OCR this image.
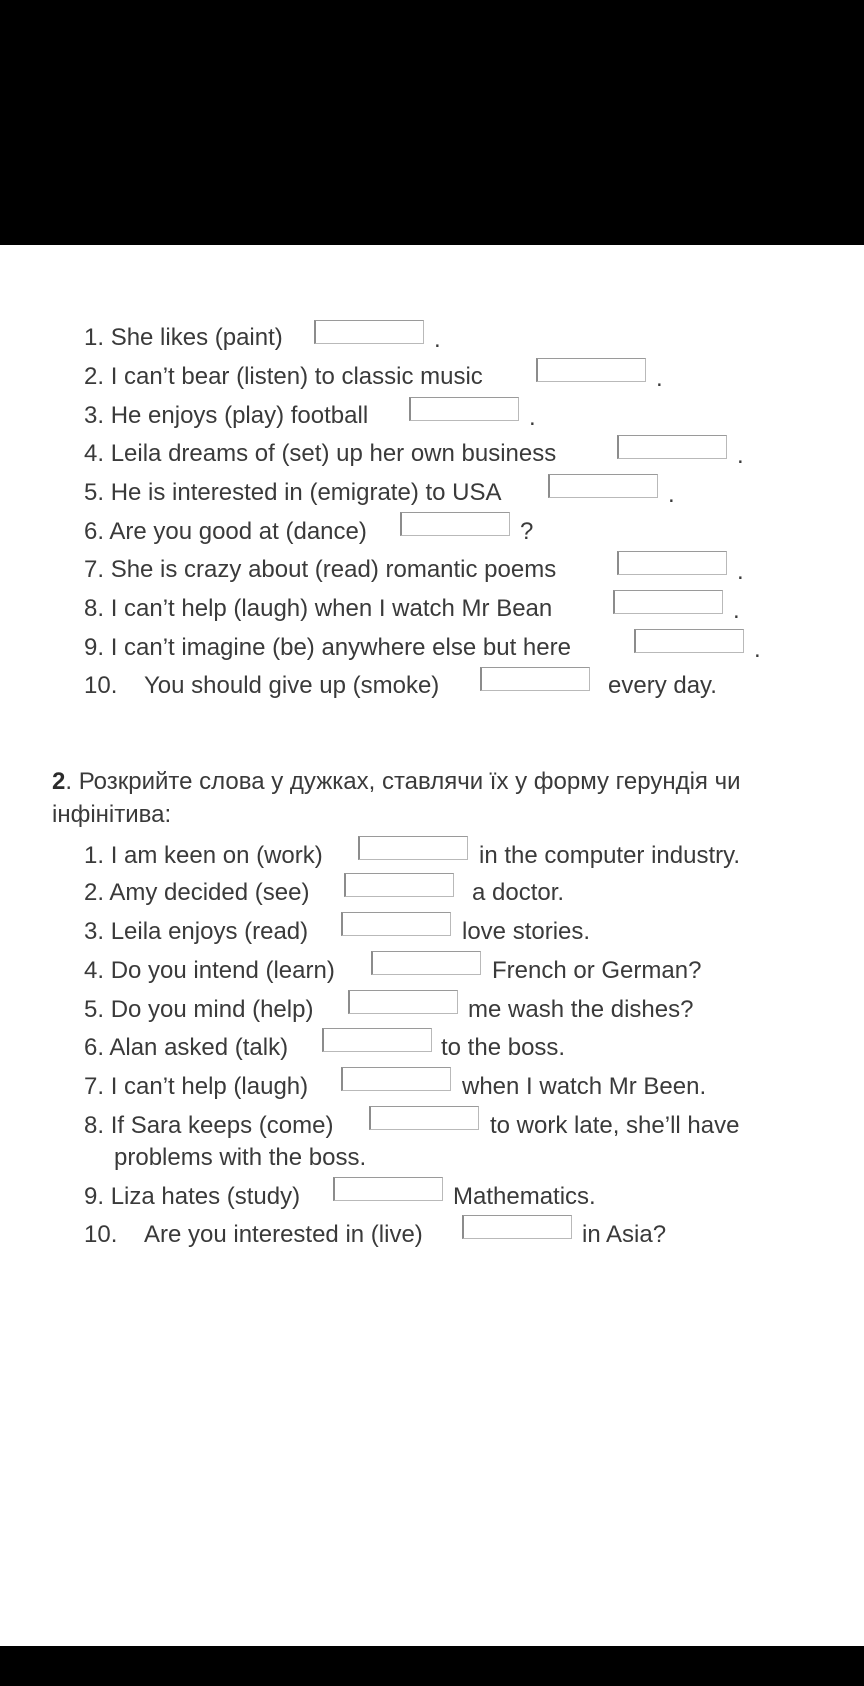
1. She likes (paint)	.
2. I can’t bear (listen) to classic music	.
3. He enjoys (play) football	.
4. Leila dreams of (set) up her own business	.
5. He is interested in (emigrate) to USA	.
6. Are you good at (dance)	?
7. She is crazy about (read) romantic poems	.
8. I can’t help (laugh) when I watch Mr Bean	.
9. I can’t imagine (be) anywhere else but here	.
10. You should give up (smoke)	every day.
2. Розкрийте слова у дужках, ставлячи їх у форму герундія чи
інфінітива:
1. I am keen on (work)	in the computer industry.
2. Amy decided (see)	a doctor.
3. Leila enjoys (read)	love stories.
4. Do you intend (learn)	French or German?
5. Do you mind (help)	me wash the dishes?
6. Alan asked (talk)	to the boss.
7. I can’t help (laugh)	when I watch Mr Been.
8. If Sara keeps (come)	to work late, she’ll have
problems with the boss.
9. Liza hates (study)	Mathematics.
10. Are you interested in (live)	in Asia?
